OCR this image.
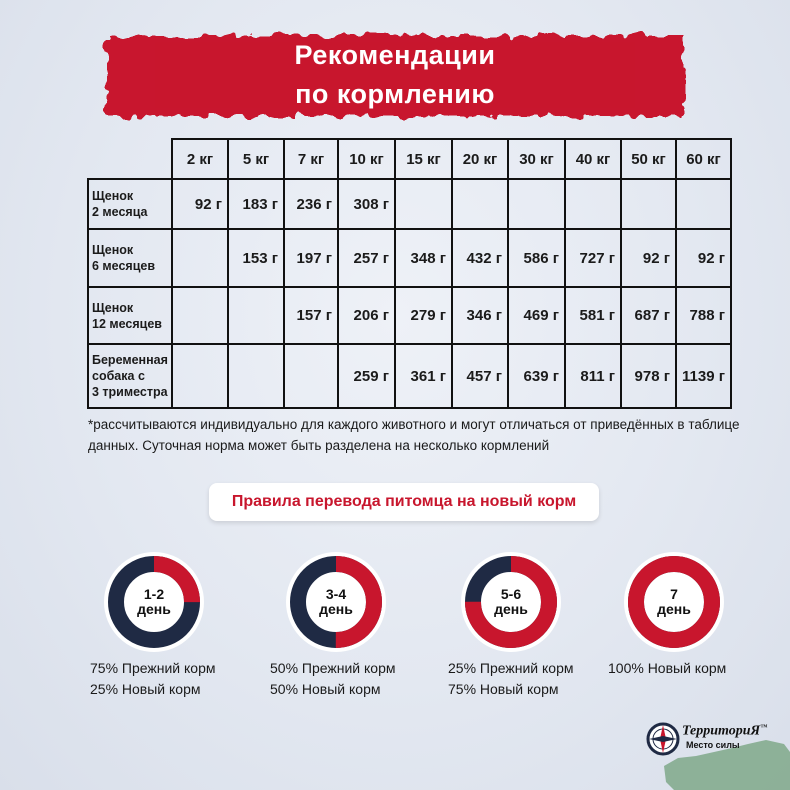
Рекомендации
по кормлению
	2 кг	5 кг	7 кг	10 кг	15 кг	20 кг	30 кг	40 кг	50 кг	60 кг

Щенок
2 месяца	92 г	183 г	236 г	308 г						

Щенок
6 месяцев		153 г	197 г	257 г	348 г	432 г	586 г	727 г	92 г	92 г

Щенок
12 месяцев			157 г	206 г	279 г	346 г	469 г	581 г	687 г	788 г

Беременная
собака с
3 триместра				259 г	361 г	457 г	639 г	811 г	978 г	1139 г
*рассчитываются индивидуально для каждого животного и могут отличаться от приведённых в таблице данных. Суточная норма может быть разделена на несколько кормлений
Правила перевода питомца на новый корм
1-2
день
75% Прежний корм
25% Новый корм
3-4
день
50% Прежний корм
50% Новый корм
5-6
день
25% Прежний корм
75% Новый корм
7
день
100% Новый корм
ТерриториЯ™
Место силы
